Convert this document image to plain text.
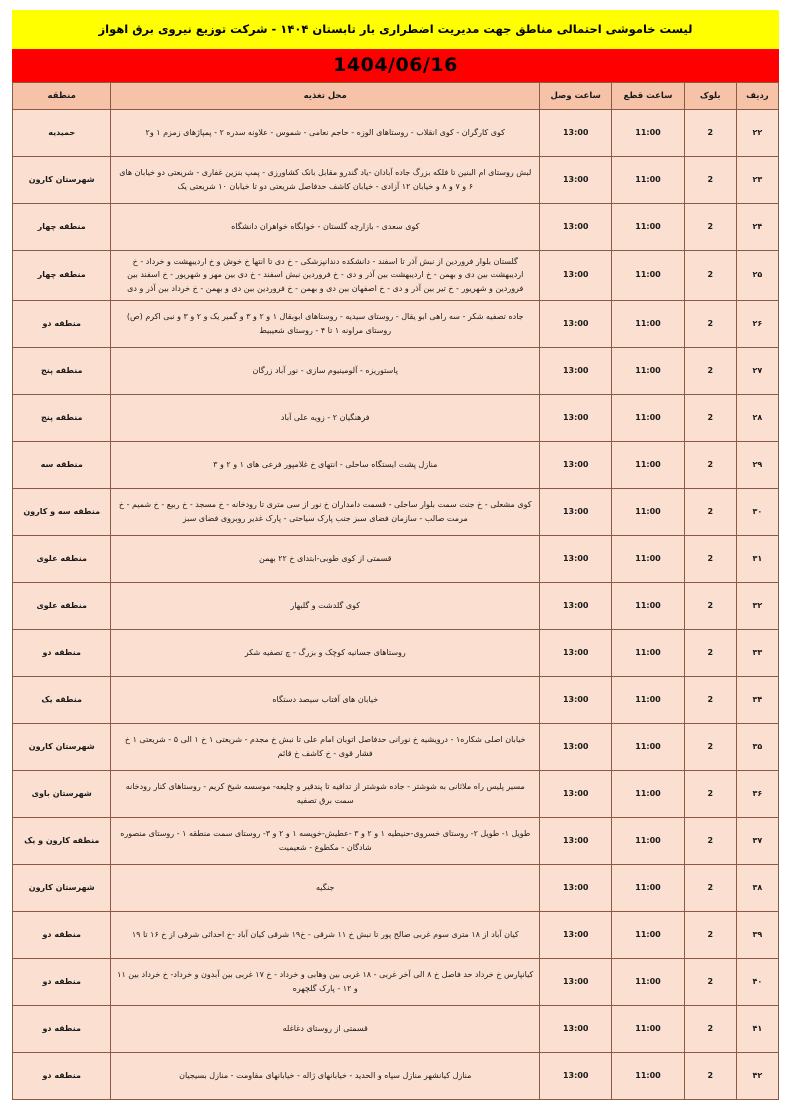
لیست خاموشی احتمالی مناطق جهت مدیریت اضطراری بار تابستان ۱۴۰۴ - شرکت توزیع نیروی برق اهواز
1404/06/16
ردیف	بلوک	ساعت قطع	ساعت وصل	محل تغذیه	منطقه
۲۲	2	11:00	13:00	کوی کارگران - کوی انقلاب - روستاهای الوزه - حاجم نعامی - شموس - علاونه سدره ۲ - پمپاژهای زمزم ۱ و۲	حمیدیه
۲۳	2	11:00	13:00	لبش روستای ام البنین تا فلکه بزرگ جاده آبادان -یاد گندرو مقابل بانک کشاورزی - پمپ بنزین غفاری - شریعتی دو خیابان های ۶ و ۷ و ۸ و خیابان ۱۲ آزادی - خیابان کاشف حدفاصل شریعتی دو تا خیابان ۱۰ شریعتی یک	شهرستان کارون
۲۴	2	11:00	13:00	کوی سعدی - بازارچه گلستان - خوابگاه خواهران دانشگاه	منطقه چهار
۲۵	2	11:00	13:00	گلستان بلوار فروردین از نبش آذر تا اسفند - دانشکده دندانپزشکی - خ دی تا انتها خ خوش و خ اردیبهشت و خرداد - خ اردیبهشت بین دی و بهمن - خ اردیبهشت بین آذر و دی - خ فروردین نبش اسفند - خ دی بین مهر و شهریور - خ اسفند بین فروردین و شهریور - خ تیر بین آذر و دی - خ اصفهان بین دی و بهمن - خ فروردین بین دی و بهمن - خ خرداد بین آذر و دی	منطقه چهار
۲۶	2	11:00	13:00	جاده تصفیه شکر - سه راهی ابو یقال - روستای سیدیه - روستاهای ابوبقال ۱ و ۲ و ۳ و گمیر یک و ۲ و ۳ و نبی اکرم (ص) روستای مراونه ۱ تا ۴ - روستای شعیبیط	منطقه دو
۲۷	2	11:00	13:00	پاستوریزه - آلومینیوم سازی - نور آباد زرگان	منطقه پنج
۲۸	2	11:00	13:00	فرهنگیان ۲ - زویه علی آباد	منطقه پنج
۲۹	2	11:00	13:00	منازل پشت ایستگاه ساحلی - انتهای خ غلامپور فرعی های ۱ و ۲ و ۳	منطقه سه
۳۰	2	11:00	13:00	کوی مشعلی - خ جنت سمت بلوار ساحلی - قسمت دامداران خ نور از سی متری تا رودخانه - خ مسجد - خ ربیع - خ شمیم - خ مرمت صالب - سازمان فضای سبز جنب پارک سیاحتی - پارک غدیر روبروی فضای سبز	منطقه سه و کارون
۳۱	2	11:00	13:00	قسمتی از کوی طوبی-ابتدای خ ۲۲ بهمن	منطقه علوی
۳۲	2	11:00	13:00	کوی گلدشت و گلبهار	منطقه علوی
۳۳	2	11:00	13:00	روستاهای جسانیه کوچک و بزرگ - چ تصفیه شکر	منطقه دو
۳۴	2	11:00	13:00	خیابان های آفتاب سیصد دستگاه	منطقه یک
۳۵	2	11:00	13:00	خیابان اصلی شکاره۱ - درویشیه خ نورانی حدفاصل اتوبان امام علی تا نبش خ مجدم - شریعتی ۱ خ ۱ الی ۵ - شریعتی ۱ خ فشار قوی - خ کاشف خ قائم	شهرستان کارون
۳۶	2	11:00	13:00	مسیر پلیس راه ملاثانی به شوشتر - جاده شوشتر از تدافیه تا پندقیر و چلیعه- موسسه شیخ کریم - روستاهای کنار رودخانه سمت برق تصفیه	شهرستان باوی
۳۷	2	11:00	13:00	طویل ۱- طویل ۲- روستای خسروی-حنیطیه ۱ و ۲ و ۳ -عطیش-خویسه ۱ و ۲ و ۳- روستای سمت منطقه ۱ - روستای منصوره شادگان - مکطوع - شعیمیت	منطقه کارون و یک
۳۸	2	11:00	13:00	جنگیه	شهرستان کارون
۳۹	2	11:00	13:00	کیان آباد از ۱۸ متری سوم غربی صالح پور تا نبش خ ۱۱ شرقی - خ۱۹ شرقی کیان آباد -خ احداثی شرقی از خ ۱۶ تا ۱۹	منطقه دو
۴۰	2	11:00	13:00	کیانپارس خ خرداد حد فاصل خ ۸ الی آخر غربی - ۱۸ غربی بین وهابی و خرداد - خ ۱۷ غربی بین آبدون و خرداد- خ خرداد بین ۱۱ و ۱۲ - پارک گلچهره	منطقه دو
۴۱	2	11:00	13:00	قسمتی از روستای دغاغله	منطقه دو
۴۲	2	11:00	13:00	منازل کیانشهر منازل سپاه و الحدید - خیابانهای ژاله - خیابانهای مقاومت - منازل بسیجیان	منطقه دو
